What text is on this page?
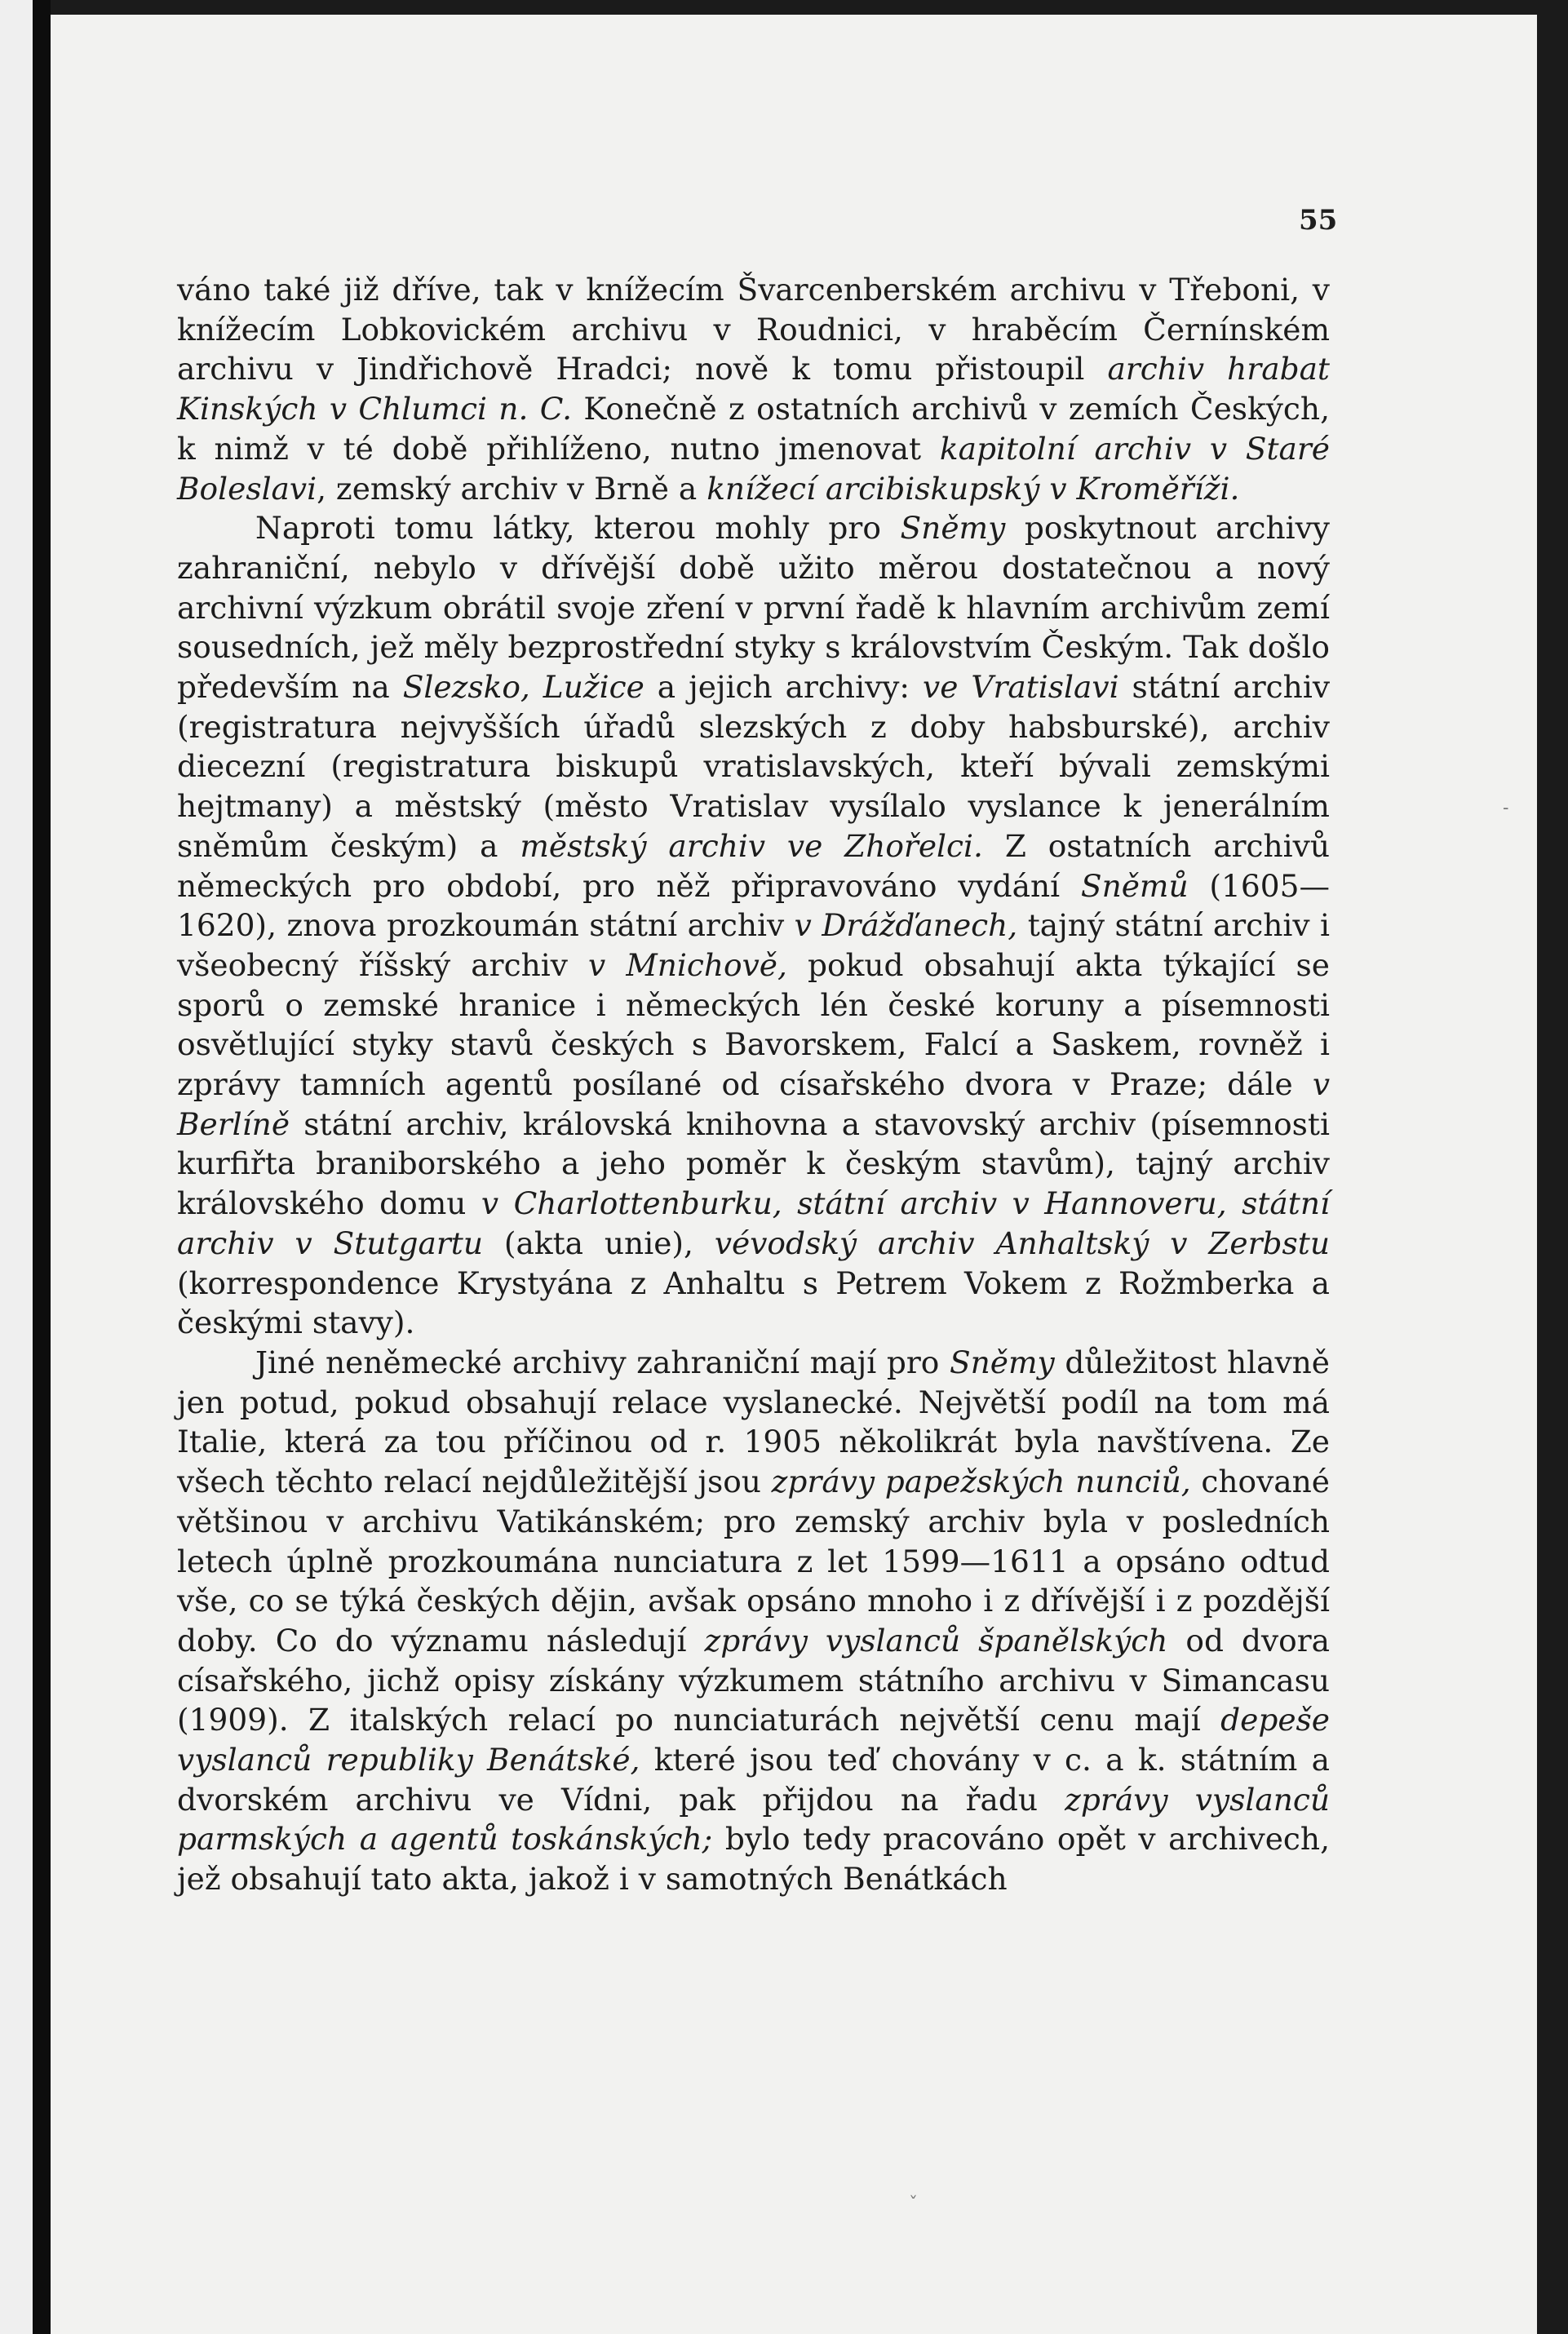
55

váno také již dříve, tak v knížecím Švarcenberském archivu v Třeboni, v knížecím Lobkovickém archivu v Roudnici, v hraběcím Černínském archivu v Jindřichově Hradci; nově k tomu přistoupil archiv hrabat Kinských v Chlumci n. C. Konečně z ostatních archivů v zemích Českých, k nimž v té době přihlíženo, nutno jmenovat kapitolní archiv v Staré Boleslavi, zemský archiv v Brně a knížecí arcibiskupský v Kroměříži.

Naproti tomu látky, kterou mohly pro Sněmy poskytnout archivy zahraniční, nebylo v dřívější době užito měrou dostatečnou a nový archivní výzkum obrátil svoje zření v první řadě k hlavním archivům zemí sousedních, jež měly bezprostřední styky s královstvím Českým. Tak došlo především na Slezsko, Lužice a jejich archivy: ve Vratislavi státní archiv (registratura nejvyšších úřadů slezských z doby habsburské), archiv diecezní (registratura biskupů vratislavských, kteří bývali zemskými hejtmany) a městský (město Vratislav vysílalo vyslance k jenerálním sněmům českým) a městský archiv ve Zhořelci. Z ostatních archivů německých pro období, pro něž připravováno vydání Sněmů (1605—1620), znova prozkoumán státní archiv v Drážďanech, tajný státní archiv i všeobecný říšský archiv v Mnichově, pokud obsahují akta týkající se sporů o zemské hranice i německých lén české koruny a písemnosti osvětlující styky stavů českých s Bavorskem, Falcí a Saskem, rovněž i zprávy tamních agentů posílané od císařského dvora v Praze; dále v Berlíně státní archiv, královská knihovna a stavovský archiv (písemnosti kurfiřta braniborského a jeho poměr k českým stavům), tajný archiv královského domu v Charlottenburku, státní archiv v Hannoveru, státní archiv v Stutgartu (akta unie), vévodský archiv Anhaltský v Zerbstu (korrespondence Krystyána z Anhaltu s Petrem Vokem z Rožmberka a českými stavy).

Jiné neněmecké archivy zahraniční mají pro Sněmy důležitost hlavně jen potud, pokud obsahují relace vyslanecké. Největší podíl na tom má Italie, která za tou příčinou od r. 1905 několikrát byla navštívena. Ze všech těchto relací nejdůležitější jsou zprávy papežských nunciů, chované většinou v archivu Vatikánském; pro zemský archiv byla v posledních letech úplně prozkoumána nunciatura z let 1599—1611 a opsáno odtud vše, co se týká českých dějin, avšak opsáno mnoho i z dřívější i z pozdější doby. Co do významu následují zprávy vyslanců španělských od dvora císařského, jichž opisy získány výzkumem státního archivu v Simancasu (1909). Z italských relací po nunciaturách největší cenu mají depeše vyslanců republiky Benátské, které jsou teď chovány v c. a k. státním a dvorském archivu ve Vídni, pak přijdou na řadu zprávy vyslanců parmských a agentů toskánských; bylo tedy pracováno opět v archivech, jež obsahují tato akta, jakož i v samotných Benátkách

ˇ
-
